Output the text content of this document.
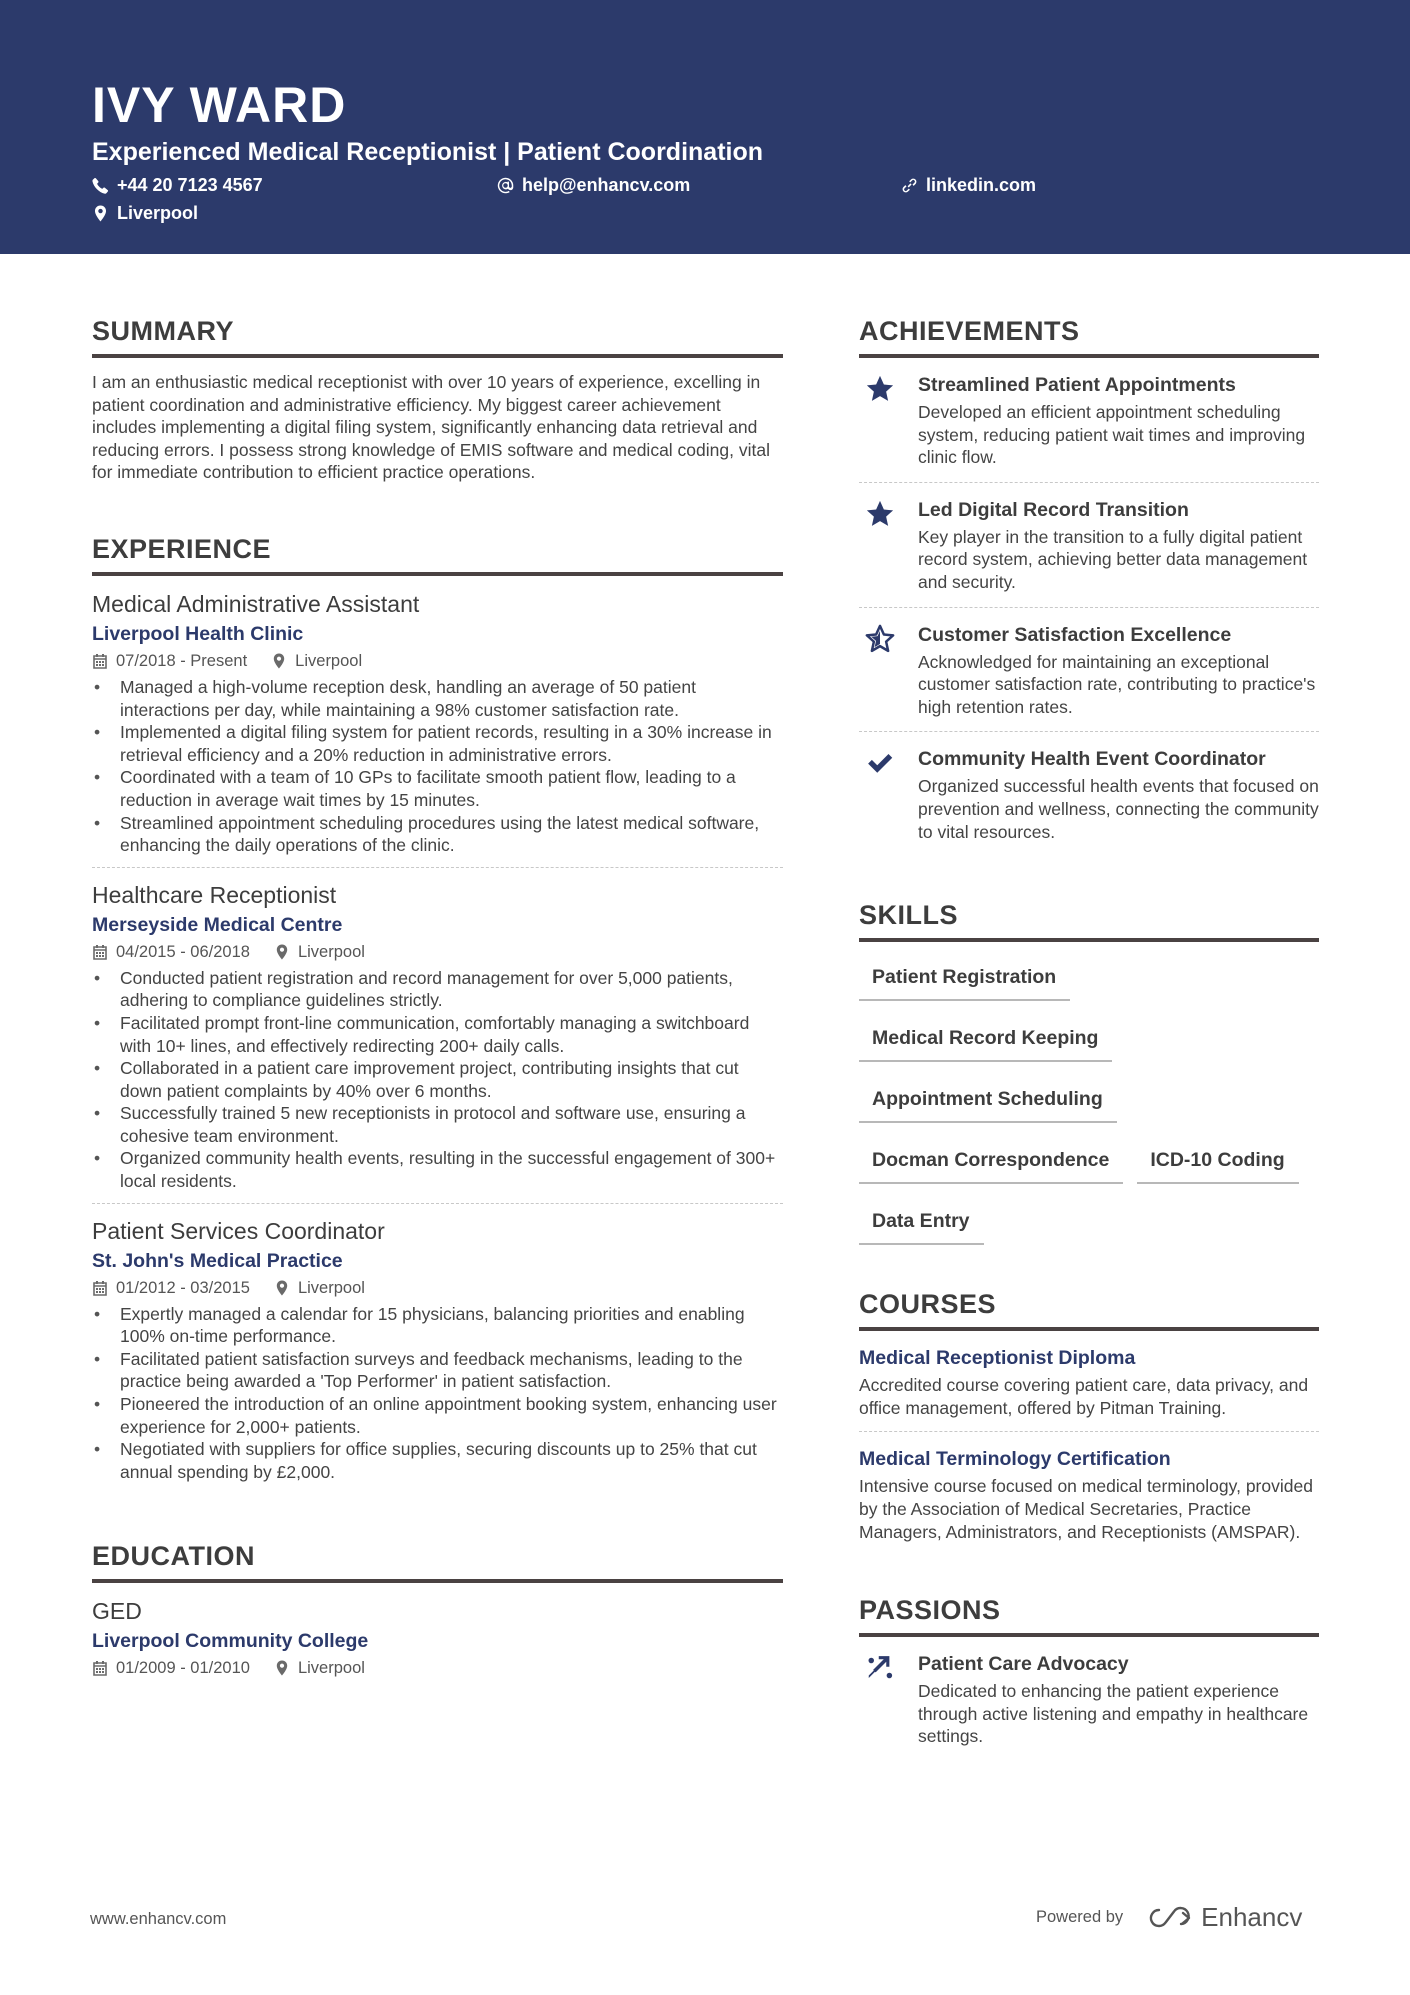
IVY WARD
Experienced Medical Receptionist | Patient Coordination
+44 20 7123 4567	help@enhancv.com	linkedin.com
Liverpool
SUMMARY

I am an enthusiastic medical receptionist with over 10 years of experience, excelling in patient coordination and administrative efficiency. My biggest career achievement includes implementing a digital filing system, significantly enhancing data retrieval and reducing errors. I possess strong knowledge of EMIS software and medical coding, vital for immediate contribution to efficient practice operations.

EXPERIENCE
Medical Administrative Assistant
Liverpool Health Clinic
07/2018 - Present	Liverpool
• Managed a high-volume reception desk, handling an average of 50 patient interactions per day, while maintaining a 98% customer satisfaction rate.
• Implemented a digital filing system for patient records, resulting in a 30% increase in retrieval efficiency and a 20% reduction in administrative errors.
• Coordinated with a team of 10 GPs to facilitate smooth patient flow, leading to a reduction in average wait times by 15 minutes.
• Streamlined appointment scheduling procedures using the latest medical software, enhancing the daily operations of the clinic.
Healthcare Receptionist
Merseyside Medical Centre
04/2015 - 06/2018	Liverpool
• Conducted patient registration and record management for over 5,000 patients, adhering to compliance guidelines strictly.
• Facilitated prompt front-line communication, comfortably managing a switchboard with 10+ lines, and effectively redirecting 200+ daily calls.
• Collaborated in a patient care improvement project, contributing insights that cut down patient complaints by 40% over 6 months.
• Successfully trained 5 new receptionists in protocol and software use, ensuring a cohesive team environment.
• Organized community health events, resulting in the successful engagement of 300+ local residents.
Patient Services Coordinator
St. John's Medical Practice
01/2012 - 03/2015	Liverpool
• Expertly managed a calendar for 15 physicians, balancing priorities and enabling 100% on-time performance.
• Facilitated patient satisfaction surveys and feedback mechanisms, leading to the practice being awarded a 'Top Performer' in patient satisfaction.
• Pioneered the introduction of an online appointment booking system, enhancing user experience for 2,000+ patients.
• Negotiated with suppliers for office supplies, securing discounts up to 25% that cut annual spending by £2,000.
EDUCATION
GED
Liverpool Community College
01/2009 - 01/2010	Liverpool
ACHIEVEMENTS
Streamlined Patient Appointments
Developed an efficient appointment scheduling system, reducing patient wait times and improving clinic flow.
Led Digital Record Transition
Key player in the transition to a fully digital patient record system, achieving better data management and security.
Customer Satisfaction Excellence
Acknowledged for maintaining an exceptional customer satisfaction rate, contributing to practice's high retention rates.
Community Health Event Coordinator
Organized successful health events that focused on prevention and wellness, connecting the community to vital resources.
SKILLS
Patient Registration
Medical Record Keeping
Appointment Scheduling
Docman Correspondence	ICD-10 Coding
Data Entry
COURSES
Medical Receptionist Diploma
Accredited course covering patient care, data privacy, and office management, offered by Pitman Training.
Medical Terminology Certification
Intensive course focused on medical terminology, provided by the Association of Medical Secretaries, Practice Managers, Administrators, and Receptionists (AMSPAR).
PASSIONS
Patient Care Advocacy
Dedicated to enhancing the patient experience through active listening and empathy in healthcare settings.
www.enhancv.com	Powered by	Enhancv
